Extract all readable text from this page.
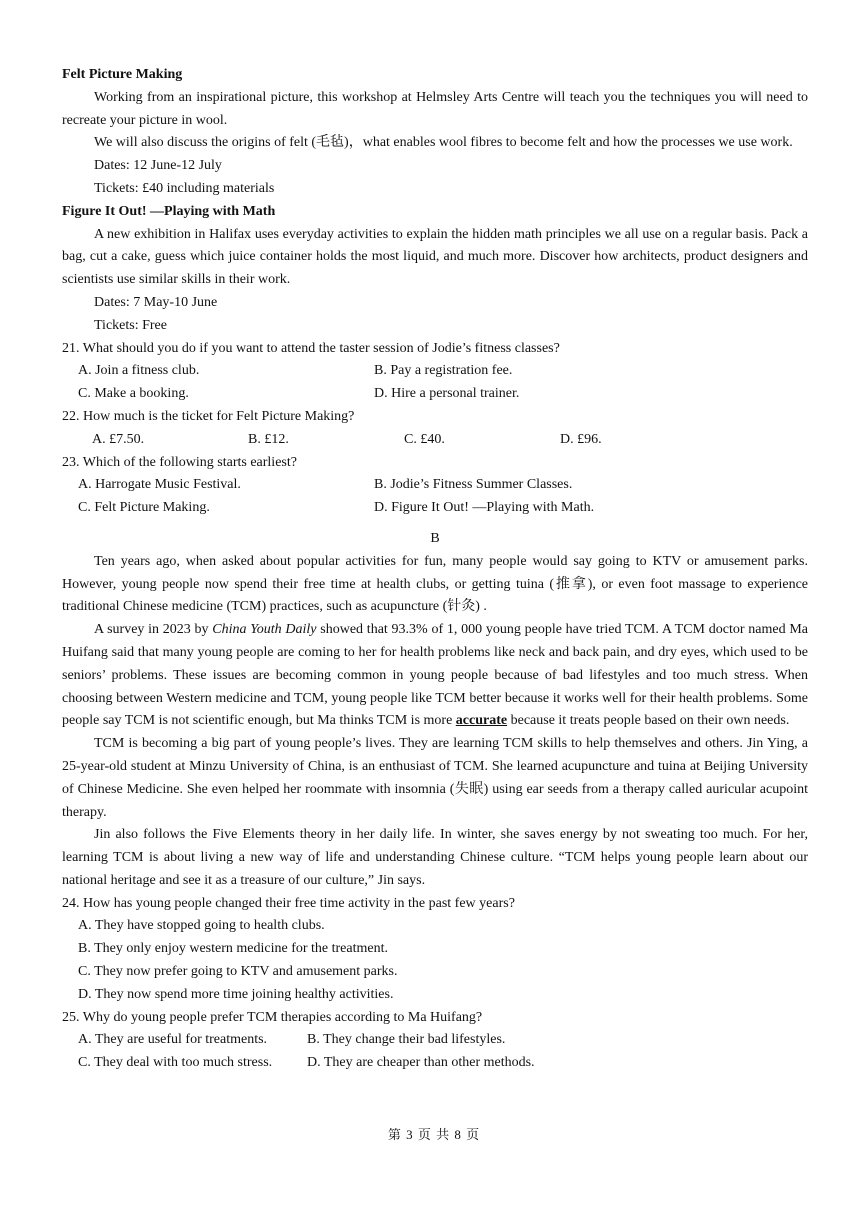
Felt Picture Making
Working from an inspirational picture, this workshop at Helmsley Arts Centre will teach you the techniques you will need to recreate your picture in wool.
We will also discuss the origins of felt (毛毡)，what enables wool fibres to become felt and how the processes we use work.
Dates: 12 June-12 July
Tickets: £40 including materials
Figure It Out! —Playing with Math
A new exhibition in Halifax uses everyday activities to explain the hidden math principles we all use on a regular basis. Pack a bag, cut a cake, guess which juice container holds the most liquid, and much more. Discover how architects, product designers and scientists use similar skills in their work.
Dates: 7 May-10 June
Tickets: Free
21. What should you do if you want to attend the taster session of Jodie’s fitness classes?
A. Join a fitness club.	B. Pay a registration fee.
C. Make a booking.	D. Hire a personal trainer.
22. How much is the ticket for Felt Picture Making?
A. £7.50.	B. £12.	C. £40.	D. £96.
23. Which of the following starts earliest?
A. Harrogate Music Festival.	B. Jodie’s Fitness Summer Classes.
C. Felt Picture Making.	D. Figure It Out! —Playing with Math.
B
Ten years ago, when asked about popular activities for fun, many people would say going to KTV or amusement parks. However, young people now spend their free time at health clubs, or getting tuina (推拿), or even foot massage to experience traditional Chinese medicine (TCM) practices, such as acupuncture (针灸) .
A survey in 2023 by China Youth Daily showed that 93.3% of 1, 000 young people have tried TCM. A TCM doctor named Ma Huifang said that many young people are coming to her for health problems like neck and back pain, and dry eyes, which used to be seniors’ problems. These issues are becoming common in young people because of bad lifestyles and too much stress. When choosing between Western medicine and TCM, young people like TCM better because it works well for their health problems. Some people say TCM is not scientific enough, but Ma thinks TCM is more accurate because it treats people based on their own needs.
TCM is becoming a big part of young people’s lives. They are learning TCM skills to help themselves and others. Jin Ying, a 25-year-old student at Minzu University of China, is an enthusiast of TCM. She learned acupuncture and tuina at Beijing University of Chinese Medicine. She even helped her roommate with insomnia (失眠) using ear seeds from a therapy called auricular acupoint therapy.
Jin also follows the Five Elements theory in her daily life. In winter, she saves energy by not sweating too much. For her, learning TCM is about living a new way of life and understanding Chinese culture. “TCM helps young people learn about our national heritage and see it as a treasure of our culture,” Jin says.
24. How has young people changed their free time activity in the past few years?
A. They have stopped going to health clubs.
B. They only enjoy western medicine for the treatment.
C. They now prefer going to KTV and amusement parks.
D. They now spend more time joining healthy activities.
25. Why do young people prefer TCM therapies according to Ma Huifang?
A. They are useful for treatments.	B. They change their bad lifestyles.
C. They deal with too much stress. D. They are cheaper than other methods.
第 3 页 共 8 页
